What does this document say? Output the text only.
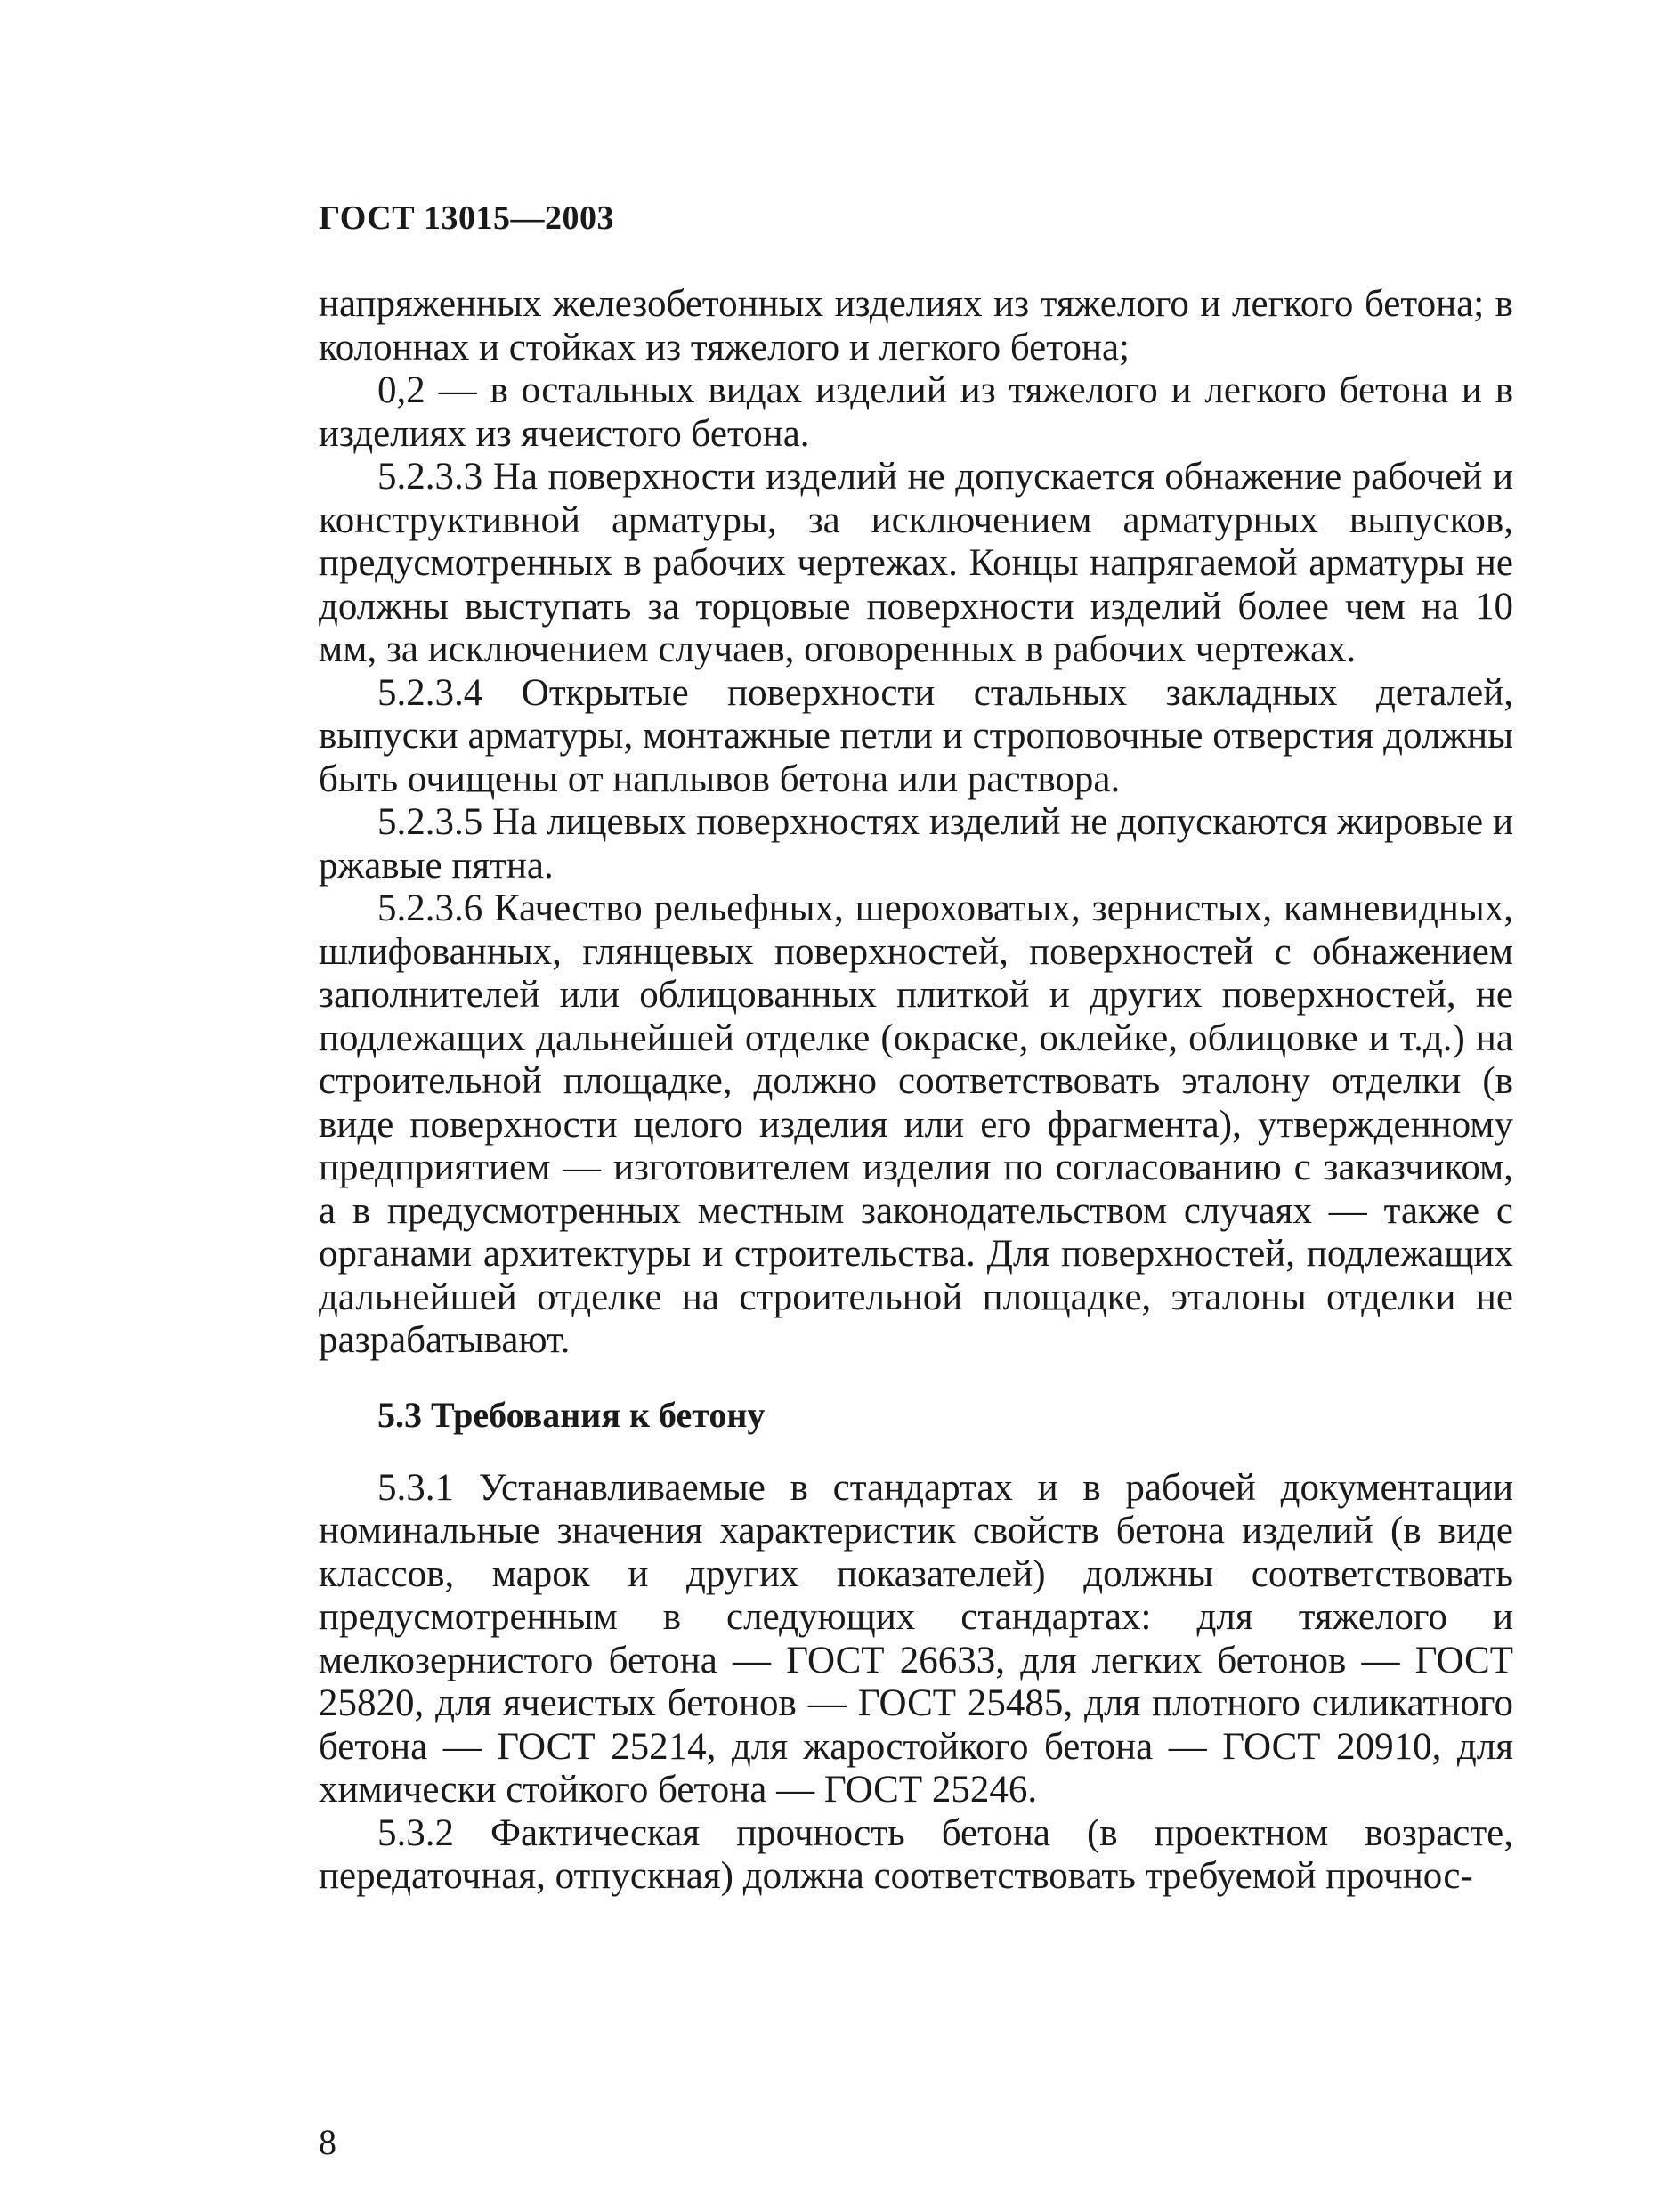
ГОСТ 13015—2003

напряженных железобетонных изделиях из тяжелого и легкого бетона; в колоннах и стойках из тяжелого и легкого бетона;

0,2 — в остальных видах изделий из тяжелого и легкого бетона и в изделиях из ячеистого бетона.

5.2.3.3 На поверхности изделий не допускается обнажение рабочей и конструктивной арматуры, за исключением арматурных выпусков, предусмотренных в рабочих чертежах. Концы напрягаемой арматуры не должны выступать за торцовые поверхности изделий более чем на 10 мм, за исключением случаев, оговоренных в рабочих чертежах.

5.2.3.4 Открытые поверхности стальных закладных деталей, выпуски арматуры, монтажные петли и строповочные отверстия должны быть очищены от наплывов бетона или раствора.

5.2.3.5 На лицевых поверхностях изделий не допускаются жировые и ржавые пятна.

5.2.3.6 Качество рельефных, шероховатых, зернистых, камневидных, шлифованных, глянцевых поверхностей, поверхностей с обнажением заполнителей или облицованных плиткой и других поверхностей, не подлежащих дальнейшей отделке (окраске, оклейке, облицовке и т.д.) на строительной площадке, должно соответствовать эталону отделки (в виде поверхности целого изделия или его фрагмента), утвержденному предприятием — изготовителем изделия по согласованию с заказчиком, а в предусмотренных местным законодательством случаях — также с органами архитектуры и строительства. Для поверхностей, подлежащих дальнейшей отделке на строительной площадке, эталоны отделки не разрабатывают.

5.3 Требования к бетону

5.3.1 Устанавливаемые в стандартах и в рабочей документации номинальные значения характеристик свойств бетона изделий (в виде классов, марок и других показателей) должны соответствовать предусмотренным в следующих стандартах: для тяжелого и мелкозернистого бетона — ГОСТ 26633, для легких бетонов — ГОСТ 25820, для ячеистых бетонов — ГОСТ 25485, для плотного силикатного бетона — ГОСТ 25214, для жаростойкого бетона — ГОСТ 20910, для химически стойкого бетона — ГОСТ 25246.

5.3.2 Фактическая прочность бетона (в проектном возрасте, передаточная, отпускная) должна соответствовать требуемой прочнос-

8
